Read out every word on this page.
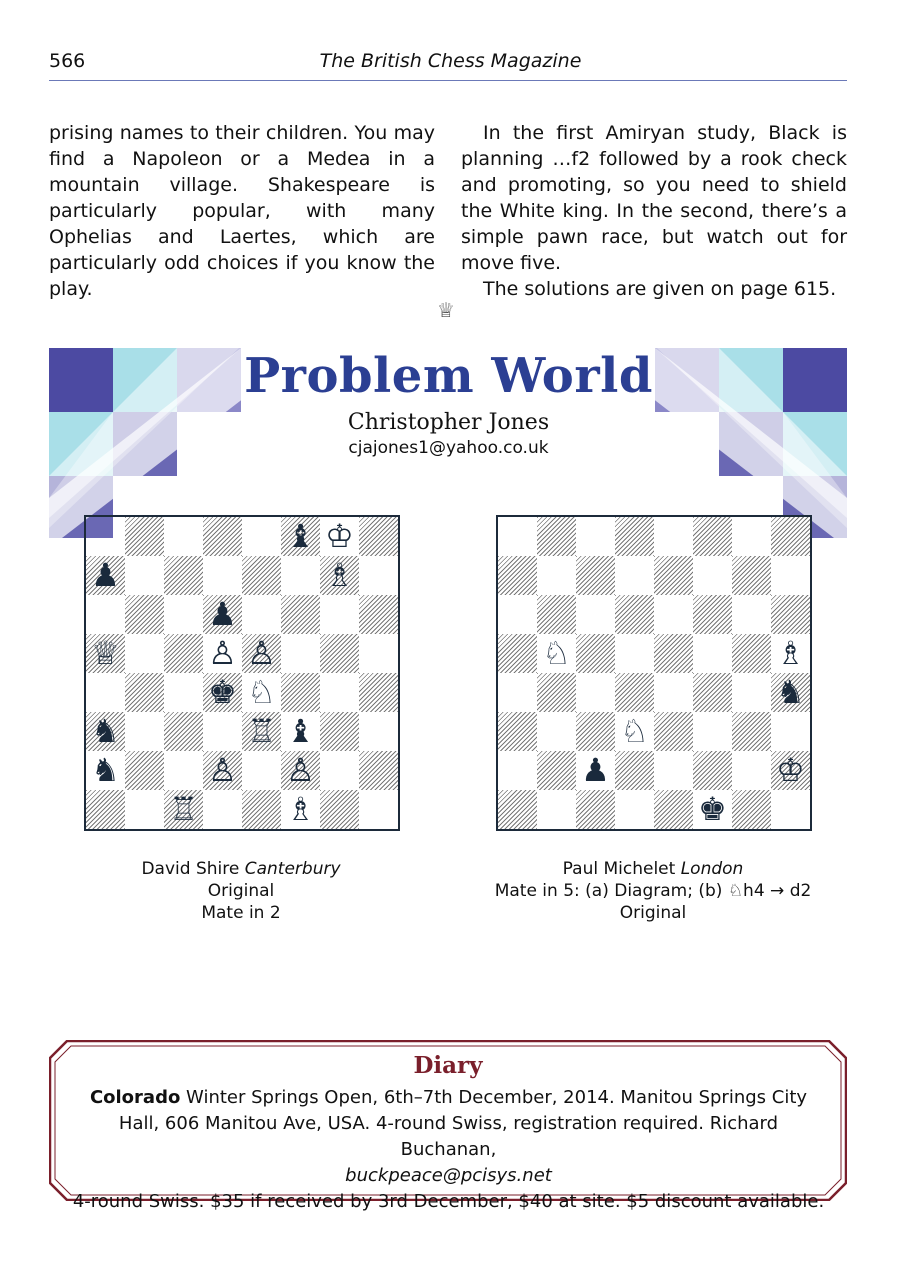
566	The British Chess Magazine

prising names to their children. You may find a Napoleon or a Medea in a mountain village. Shakespeare is particularly popular, with many Ophelias and Laertes, which are particularly odd choices if you know the play.

In the first Amiryan study, Black is planning …f2 followed by a rook check and promoting, so you need to shield the White king. In the second, there’s a simple pawn race, but watch out for move five.

The solutions are given on page 615.

♕
Problem World
Christopher Jones
cjajones1@yahoo.co.uk
♝ ♔
♟	♗
♟
♕	♙ ♙
♚ ♘
♞	♖ ♝
♞	♙ ♙
♖	♗
♘	♗
♞
♘
♟	♔
♚
David Shire Canterbury
Original
Mate in 2
Paul Michelet London
Mate in 5: (a) Diagram; (b) ♘h4 → d2
Original
Diary
Colorado Winter Springs Open, 6th–7th December, 2014. Manitou Springs City Hall, 606 Manitou Ave, USA. 4-round Swiss, registration required. Richard Buchanan,
buckpeace@pcisys.net
4-round Swiss. $35 if received by 3rd December, $40 at site. $5 discount available.
